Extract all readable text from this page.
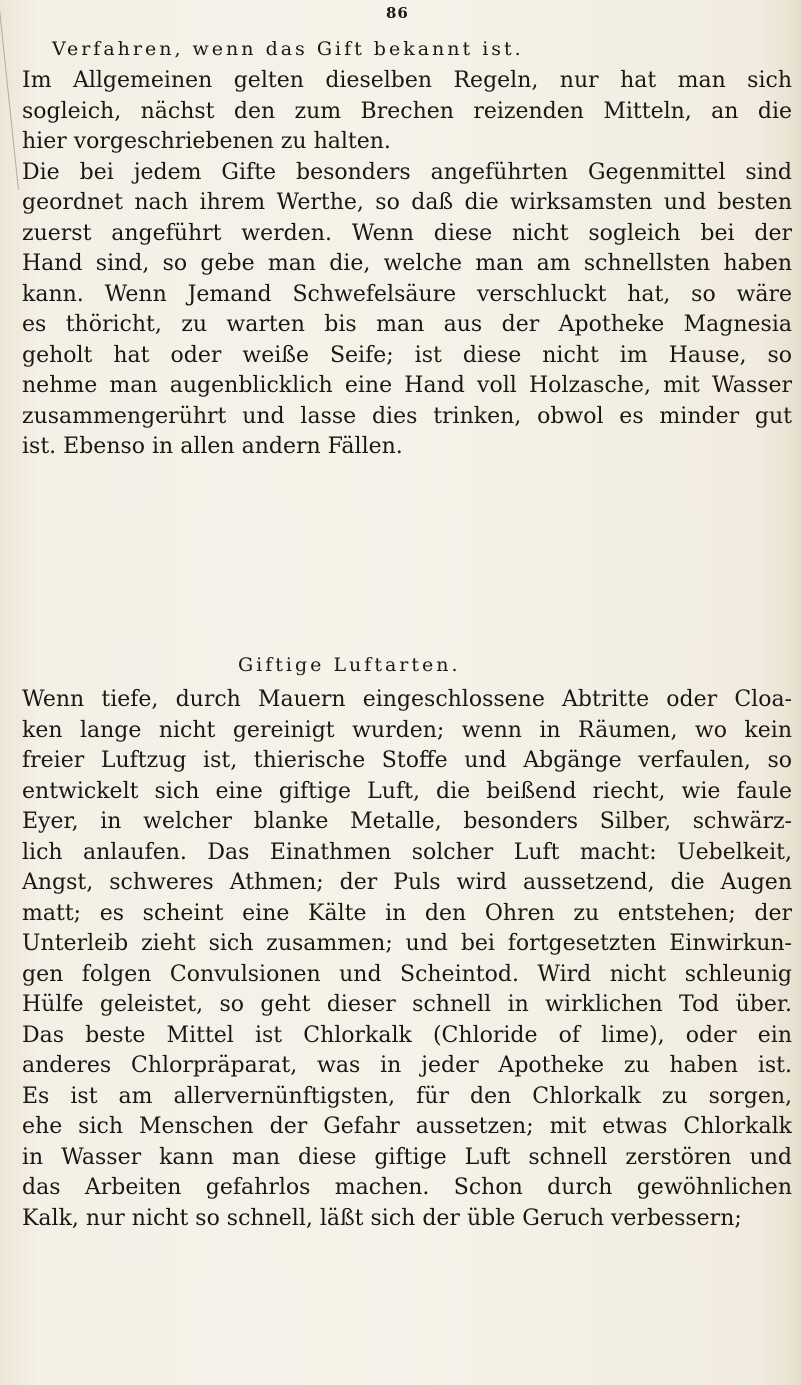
86
Verfahren, wenn das Gift bekannt ist.
Im Allgemeinen gelten dieselben Regeln, nur hat man sich
sogleich, nächst den zum Brechen reizenden Mitteln, an die
hier vorgeschriebenen zu halten.
Die bei jedem Gifte besonders angeführten Gegenmittel sind
geordnet nach ihrem Werthe, so daß die wirksamsten und besten
zuerst angeführt werden. Wenn diese nicht sogleich bei der
Hand sind, so gebe man die, welche man am schnellsten haben
kann. Wenn Jemand Schwefelsäure verschluckt hat, so wäre
es thöricht, zu warten bis man aus der Apotheke Magnesia
geholt hat oder weiße Seife; ist diese nicht im Hause, so
nehme man augenblicklich eine Hand voll Holzasche, mit Wasser
zusammengerührt und lasse dies trinken, obwol es minder gut
ist. Ebenso in allen andern Fällen.
Giftige Luftarten.
Wenn tiefe, durch Mauern eingeschlossene Abtritte oder Cloa-
ken lange nicht gereinigt wurden; wenn in Räumen, wo kein
freier Luftzug ist, thierische Stoffe und Abgänge verfaulen, so
entwickelt sich eine giftige Luft, die beißend riecht, wie faule
Eyer, in welcher blanke Metalle, besonders Silber, schwärz-
lich anlaufen. Das Einathmen solcher Luft macht: Uebelkeit,
Angst, schweres Athmen; der Puls wird aussetzend, die Augen
matt; es scheint eine Kälte in den Ohren zu entstehen; der
Unterleib zieht sich zusammen; und bei fortgesetzten Einwirkun-
gen folgen Convulsionen und Scheintod. Wird nicht schleunig
Hülfe geleistet, so geht dieser schnell in wirklichen Tod über.
Das beste Mittel ist Chlorkalk (Chloride of lime), oder ein
anderes Chlorpräparat, was in jeder Apotheke zu haben ist.
Es ist am allervernünftigsten, für den Chlorkalk zu sorgen,
ehe sich Menschen der Gefahr aussetzen; mit etwas Chlorkalk
in Wasser kann man diese giftige Luft schnell zerstören und
das Arbeiten gefahrlos machen. Schon durch gewöhnlichen
Kalk, nur nicht so schnell, läßt sich der üble Geruch verbessern;
